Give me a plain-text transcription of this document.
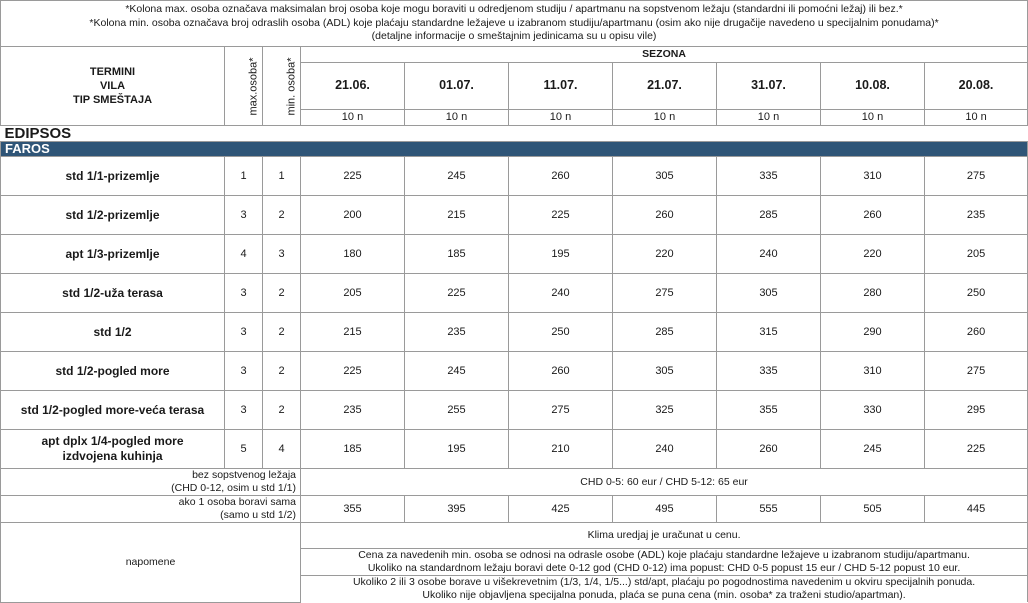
*Kolona max. osoba označava maksimalan broj osoba koje mogu boraviti u odredjenom studiju / apartmanu na sopstvenom ležaju (standardni ili pomoćni ležaj) ili bez.*
*Kolona min. osoba označava broj odraslih osoba (ADL) koje plaćaju standardne ležajeve u izabranom studiju/apartmanu (osim ako nije drugačije navedeno u specijalnim ponudama)*
(detaljne informacije o smeštajnim jedinicama su u opisu vile)									

TERMINI
VILA
TIP SMEŠTAJA	max.osoba*	min. osoba*	SEZONA						
			21.06.	01.07.	11.07.	21.07.	31.07.	10.08.	20.08.
			10 n	10 n	10 n	10 n	10 n	10 n	10 n
EDIPSOS									
FAROS									
std 1/1-prizemlje	1	1	225	245	260	305	335	310	275
std 1/2-prizemlje	3	2	200	215	225	260	285	260	235
apt 1/3-prizemlje	4	3	180	185	195	220	240	220	205
std 1/2-uža terasa	3	2	205	225	240	275	305	280	250
std 1/2	3	2	215	235	250	285	315	290	260
std 1/2-pogled more	3	2	225	245	260	305	335	310	275
std 1/2-pogled more-veća terasa	3	2	235	255	275	325	355	330	295
apt dplx 1/4-pogled more izdvojena kuhinja	5	4	185	195	210	240	260	245	225

bez sopstvenog ležaja
(CHD 0-12, osim u std 1/1)			CHD 0-5: 60 eur / CHD 5-12: 65 eur						

ako 1 osoba boravi sama
(samo u std 1/2)			355	395	425	495	555	505	445
napomene			Klima uredjaj je uračunat u cenu.						

			Cena za navedenih min. osoba se odnosi na odrasle osobe (ADL) koje plaćaju standardne ležajeve u izabranom studiju/apartmanu.
Ukoliko na standardnom ležaju boravi dete 0-12 god (CHD 0-12) ima popust: CHD 0-5 popust 15 eur / CHD 5-12 popust 10 eur.						

			Ukoliko 2 ili 3 osobe borave u višekrevetnim (1/3, 1/4, 1/5...) std/apt, plaćaju po pogodnostima navedenim u okviru specijalnih ponuda.
Ukoliko nije objavljena specijalna ponuda, plaća se puna cena (min. osoba* za traženi studio/apartman).						
